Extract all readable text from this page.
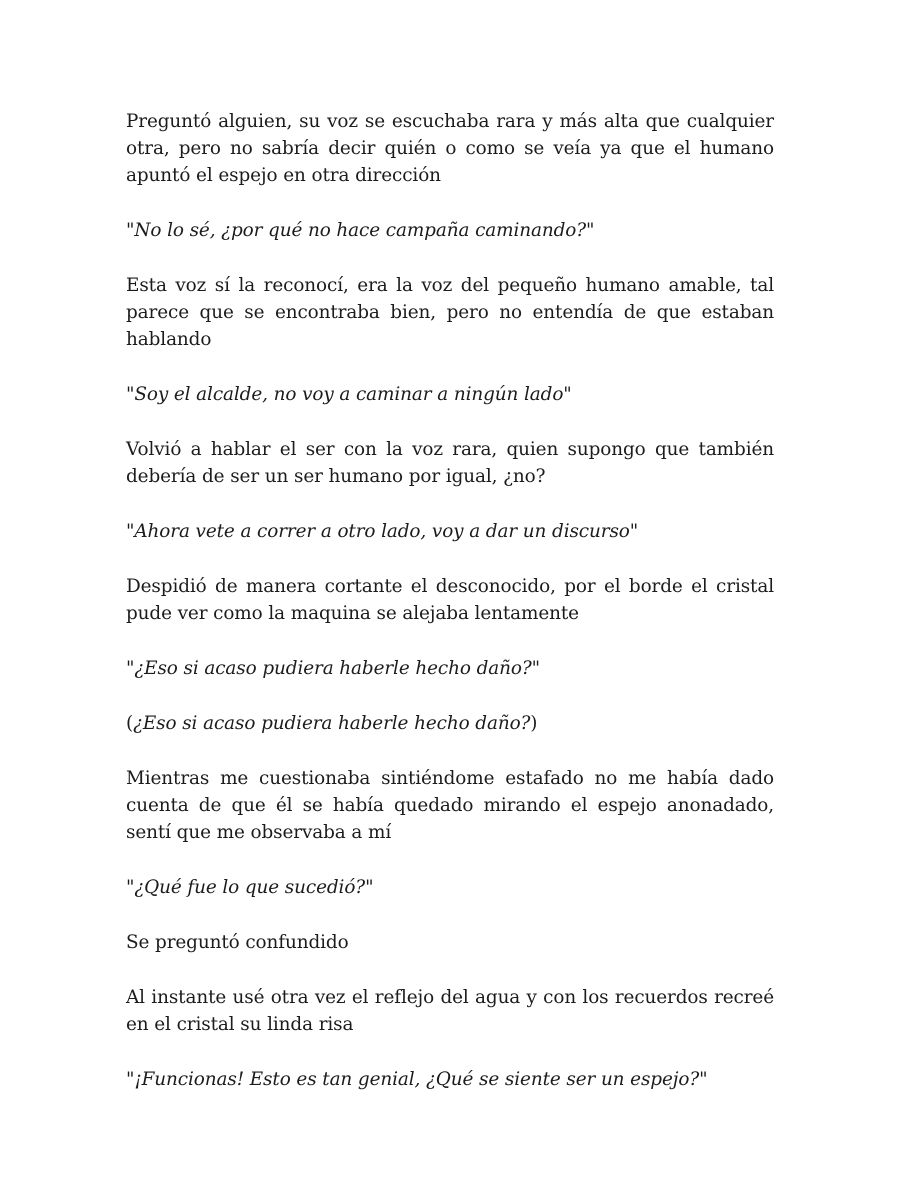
Preguntó alguien, su voz se escuchaba rara y más alta que cualquier otra, pero no sabría decir quién o como se veía ya que el humano apuntó el espejo en otra dirección

"No lo sé, ¿por qué no hace campaña caminando?"

Esta voz sí la reconocí, era la voz del pequeño humano amable, tal parece que se encontraba bien, pero no entendía de que estaban hablando

"Soy el alcalde, no voy a caminar a ningún lado"

Volvió a hablar el ser con la voz rara, quien supongo que también debería de ser un ser humano por igual, ¿no?

"Ahora vete a correr a otro lado, voy a dar un discurso"

Despidió de manera cortante el desconocido, por el borde el cristal pude ver como la maquina se alejaba lentamente

"¿Eso si acaso pudiera haberle hecho daño?"

(¿Eso si acaso pudiera haberle hecho daño?)

Mientras me cuestionaba sintiéndome estafado no me había dado cuenta de que él se había quedado mirando el espejo anonadado, sentí que me observaba a mí

"¿Qué fue lo que sucedió?"

Se preguntó confundido

Al instante usé otra vez el reflejo del agua y con los recuerdos recreé en el cristal su linda risa

"¡Funcionas! Esto es tan genial, ¿Qué se siente ser un espejo?"
